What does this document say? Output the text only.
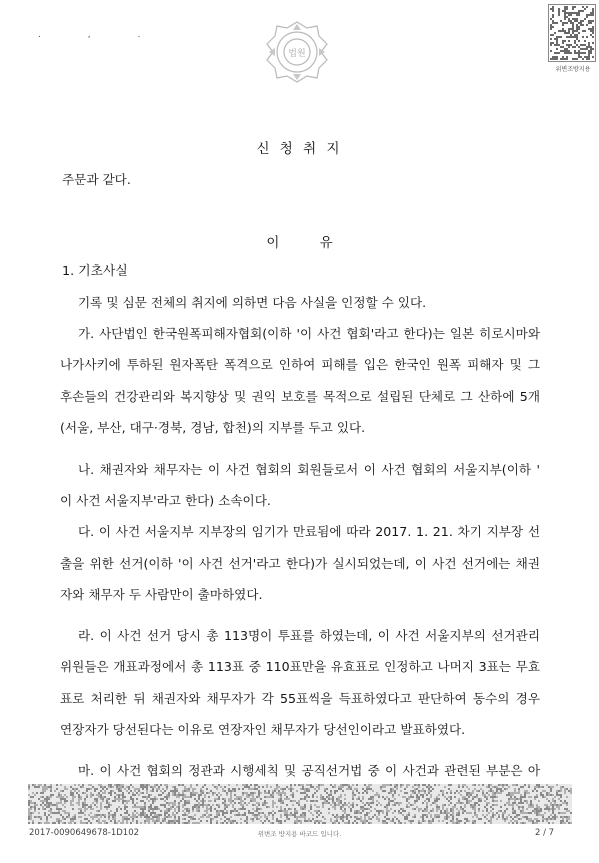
. , .
법원
위변조방지용
신 청 취 지
주문과 같다.
이 유
1. 기초사실
기록 및 심문 전체의 취지에 의하면 다음 사실을 인정할 수 있다.
가. 사단법인 한국원폭피해자협회(이하 '이 사건 협회'라고 한다)는 일본 히로시마와
나가사키에 투하된 원자폭탄 폭격으로 인하여 피해를 입은 한국인 원폭 피해자 및 그
후손들의 건강관리와 복지향상 및 권익 보호를 목적으로 설립된 단체로 그 산하에 5개
(서울, 부산, 대구·경북, 경남, 합천)의 지부를 두고 있다.
나. 채권자와 채무자는 이 사건 협회의 회원들로서 이 사건 협회의 서울지부(이하 '
이 사건 서울지부'라고 한다) 소속이다.
다. 이 사건 서울지부 지부장의 임기가 만료됨에 따라 2017. 1. 21. 차기 지부장 선
출을 위한 선거(이하 '이 사건 선거'라고 한다)가 실시되었는데, 이 사건 선거에는 채권
자와 채무자 두 사람만이 출마하였다.
라. 이 사건 선거 당시 총 113명이 투표를 하였는데, 이 사건 서울지부의 선거관리
위원들은 개표과정에서 총 113표 중 110표만을 유효표로 인정하고 나머지 3표는 무효
표로 처리한 뒤 채권자와 채무자가 각 55표씩을 득표하였다고 판단하여 동수의 경우
연장자가 당선된다는 이유로 연장자인 채무자가 당선인이라고 발표하였다.
마. 이 사건 협회의 정관과 시행세칙 및 공직선거법 중 이 사건과 관련된 부분은 아
2017-0090649678-1D102	위변조 방지용 바코드 입니다.	2 / 7
